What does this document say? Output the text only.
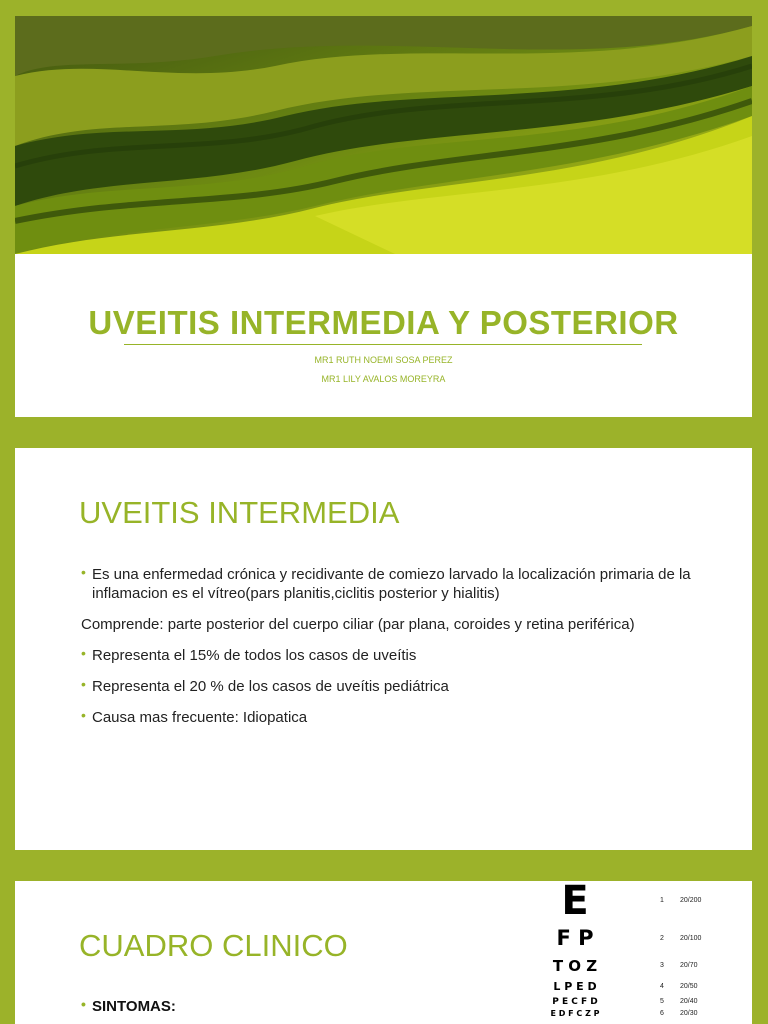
UVEITIS INTERMEDIA Y POSTERIOR

MR1 RUTH NOEMI SOSA PEREZ

MR1 LILY AVALOS MOREYRA

UVEITIS INTERMEDIA

• Es una enfermedad crónica y recidivante de comiezo larvado la localización primaria de la inflamacion es el vítreo(pars planitis,ciclitis posterior y hialitis)

Comprende: parte posterior del cuerpo ciliar (par plana, coroides y retina periférica)

• Representa el 15% de todos los casos de uveítis

• Representa el 20 % de los casos de uveítis pediátrica

• Causa mas frecuente: Idiopatica

CUADRO CLINICO
• SINTOMAS:

E	1 20/200

F P	2 20/100

T O Z	3 20/70

L P E D	4 20/50

P E C F D	5 20/40

E D F C Z P	6 20/30
